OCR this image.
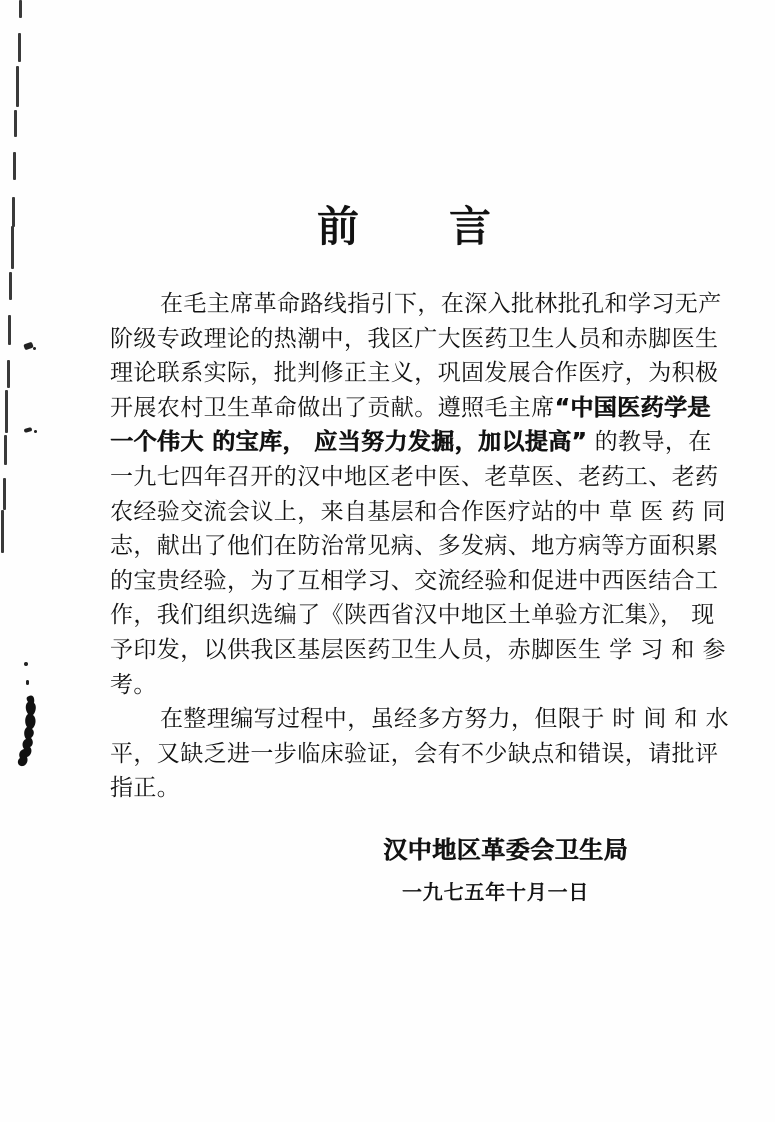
前　　言
在毛主席革命路线指引下，在深入批林批孔和学习无产
阶级专政理论的热潮中，我区广大医药卫生人员和赤脚医生
理论联系实际，批判修正主义，巩固发展合作医疗，为积极
开展农村卫生革命做出了贡献。遵照毛主席“中国医药学是
一个伟大 的宝库， 应当努力发掘，加以提高” 的教导，在
一九七四年召开的汉中地区老中医、老草医、老药工、老药
农经验交流会议上，来自基层和合作医疗站的中 草 医 药 同
志，献出了他们在防治常见病、多发病、地方病等方面积累
的宝贵经验，为了互相学习、交流经验和促进中西医结合工
作，我们组织选编了《陕西省汉中地区土单验方汇集》， 现
予印发，以供我区基层医药卫生人员，赤脚医生 学 习 和 参
考。
在整理编写过程中，虽经多方努力，但限于 时 间 和 水
平，又缺乏进一步临床验证，会有不少缺点和错误，请批评
指正。
汉中地区革委会卫生局
一九七五年十月一日
